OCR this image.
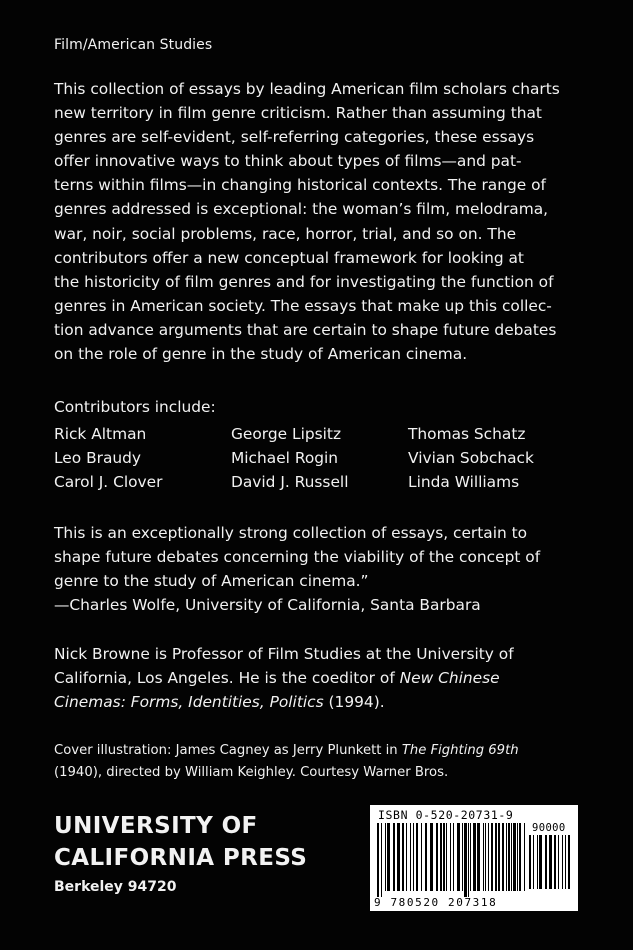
Film/American Studies
This collection of essays by leading American film scholars charts
new territory in film genre criticism. Rather than assuming that
genres are self-evident, self-referring categories, these essays
offer innovative ways to think about types of films—and pat-
terns within films—in changing historical contexts. The range of
genres addressed is exceptional: the woman’s film, melodrama,
war, noir, social problems, race, horror, trial, and so on. The
contributors offer a new conceptual framework for looking at
the historicity of film genres and for investigating the function of
genres in American society. The essays that make up this collec-
tion advance arguments that are certain to shape future debates
on the role of genre in the study of American cinema.
Contributors include:
Rick Altman
Leo Braudy
Carol J. Clover
George Lipsitz
Michael Rogin
David J. Russell
Thomas Schatz
Vivian Sobchack
Linda Williams
This is an exceptionally strong collection of essays, certain to
shape future debates concerning the viability of the concept of
genre to the study of American cinema.”
—Charles Wolfe, University of California, Santa Barbara
Nick Browne is Professor of Film Studies at the University of
California, Los Angeles. He is the coeditor of New Chinese
Cinemas: Forms, Identities, Politics (1994).
Cover illustration: James Cagney as Jerry Plunkett in The Fighting 69th
(1940), directed by William Keighley. Courtesy Warner Bros.
UNIVERSITY OF
CALIFORNIA PRESS
Berkeley 94720
ISBN 0-520-20731-9
90000
9 780520 207318
